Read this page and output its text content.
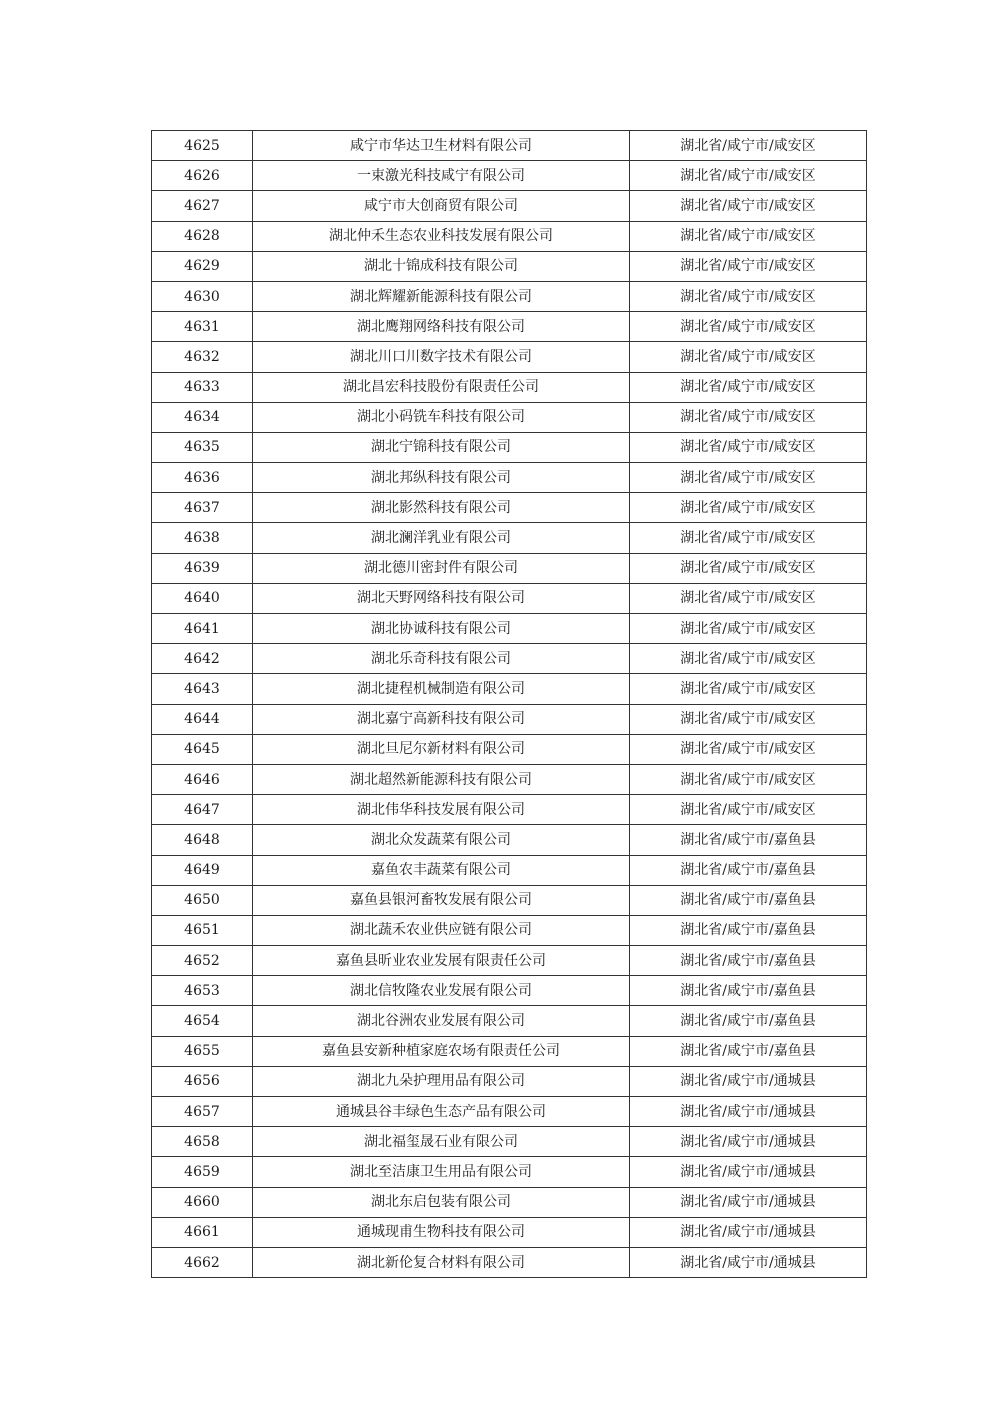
4625	咸宁市华达卫生材料有限公司	湖北省/咸宁市/咸安区
4626	一束激光科技咸宁有限公司	湖北省/咸宁市/咸安区
4627	咸宁市大创商贸有限公司	湖北省/咸宁市/咸安区
4628	湖北仲禾生态农业科技发展有限公司	湖北省/咸宁市/咸安区
4629	湖北十锦成科技有限公司	湖北省/咸宁市/咸安区
4630	湖北辉耀新能源科技有限公司	湖北省/咸宁市/咸安区
4631	湖北鹰翔网络科技有限公司	湖北省/咸宁市/咸安区
4632	湖北川口川数字技术有限公司	湖北省/咸宁市/咸安区
4633	湖北昌宏科技股份有限责任公司	湖北省/咸宁市/咸安区
4634	湖北小码铣车科技有限公司	湖北省/咸宁市/咸安区
4635	湖北宁锦科技有限公司	湖北省/咸宁市/咸安区
4636	湖北邦纵科技有限公司	湖北省/咸宁市/咸安区
4637	湖北影然科技有限公司	湖北省/咸宁市/咸安区
4638	湖北澜洋乳业有限公司	湖北省/咸宁市/咸安区
4639	湖北德川密封件有限公司	湖北省/咸宁市/咸安区
4640	湖北天野网络科技有限公司	湖北省/咸宁市/咸安区
4641	湖北协诚科技有限公司	湖北省/咸宁市/咸安区
4642	湖北乐奇科技有限公司	湖北省/咸宁市/咸安区
4643	湖北捷程机械制造有限公司	湖北省/咸宁市/咸安区
4644	湖北嘉宁高新科技有限公司	湖北省/咸宁市/咸安区
4645	湖北旦尼尔新材料有限公司	湖北省/咸宁市/咸安区
4646	湖北超然新能源科技有限公司	湖北省/咸宁市/咸安区
4647	湖北伟华科技发展有限公司	湖北省/咸宁市/咸安区
4648	湖北众发蔬菜有限公司	湖北省/咸宁市/嘉鱼县
4649	嘉鱼农丰蔬菜有限公司	湖北省/咸宁市/嘉鱼县
4650	嘉鱼县银河畜牧发展有限公司	湖北省/咸宁市/嘉鱼县
4651	湖北蔬禾农业供应链有限公司	湖北省/咸宁市/嘉鱼县
4652	嘉鱼县昕业农业发展有限责任公司	湖北省/咸宁市/嘉鱼县
4653	湖北信牧隆农业发展有限公司	湖北省/咸宁市/嘉鱼县
4654	湖北谷洲农业发展有限公司	湖北省/咸宁市/嘉鱼县
4655	嘉鱼县安新种植家庭农场有限责任公司	湖北省/咸宁市/嘉鱼县
4656	湖北九朵护理用品有限公司	湖北省/咸宁市/通城县
4657	通城县谷丰绿色生态产品有限公司	湖北省/咸宁市/通城县
4658	湖北福玺晟石业有限公司	湖北省/咸宁市/通城县
4659	湖北至洁康卫生用品有限公司	湖北省/咸宁市/通城县
4660	湖北东启包装有限公司	湖北省/咸宁市/通城县
4661	通城现甫生物科技有限公司	湖北省/咸宁市/通城县
4662	湖北新伦复合材料有限公司	湖北省/咸宁市/通城县
